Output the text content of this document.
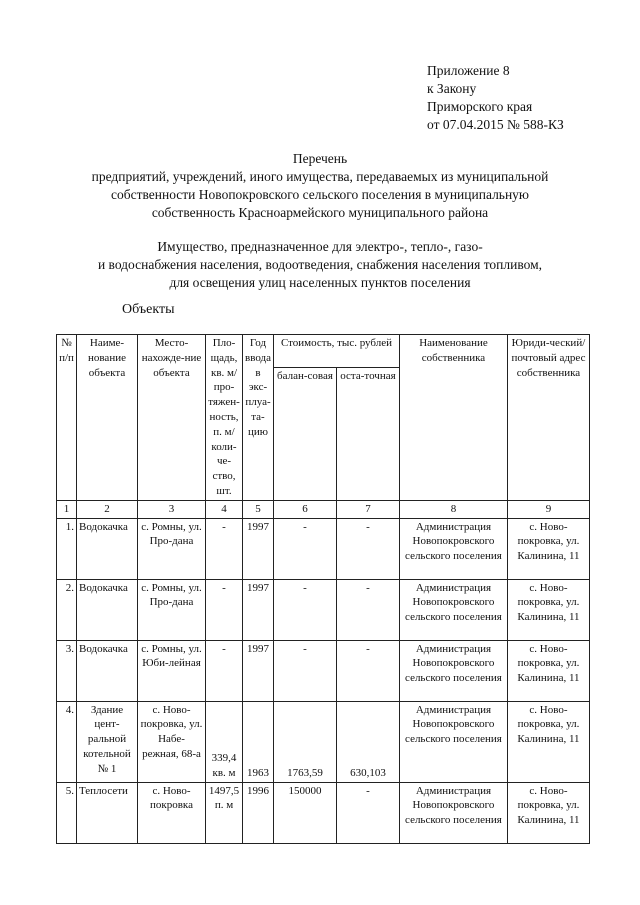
Приложение 8
к Закону
Приморского края
от 07.04.2015 № 588-КЗ
Перечень
предприятий, учреждений, иного имущества, передаваемых из муниципальной
собственности Новопокровского сельского поселения в муниципальную
собственность Красноармейского муниципального района
Имущество, предназначенное для электро-, тепло-, газо-
и водоснабжения населения, водоотведения, снабжения населения топливом,
для освещения улиц населенных пунктов поселения
Объекты
№ п/п	Наиме-нование объекта	Место-нахожде-ние объекта	Пло-щадь, кв. м/ про-тяжен-ность, п. м/ коли-че-ство, шт.	Год ввода в экс-плуа-та-цию	Стоимость, тыс. рублей		Наименование собственника	Юриди-ческий/ почтовый адрес собственника
					балан-совая	оста-точная		
1	2	3	4	5	6	7	8	9
1.	Водокачка	с. Ромны, ул. Про-дана	-	1997	-	-	Администрация Новопокровского сельского поселения	с. Ново-покровка, ул. Калинина, 11
2.	Водокачка	с. Ромны, ул. Про-дана	-	1997	-	-	Администрация Новопокровского сельского поселения	с. Ново-покровка, ул. Калинина, 11
3.	Водокачка	с. Ромны, ул. Юби-лейная	-	1997	-	-	Администрация Новопокровского сельского поселения	с. Ново-покровка, ул. Калинина, 11
4.	Здание цент-ральной котельной № 1	с. Ново-покровка, ул. Набе-режная, 68-а	339,4 кв. м	1963	1763,59	630,103	Администрация Новопокровского сельского поселения	с. Ново-покровка, ул. Калинина, 11
5.	Теплосети	с. Ново-покровка	1497,5 п. м	1996	150000	-	Администрация Новопокровского сельского поселения	с. Ново-покровка, ул. Калинина, 11
